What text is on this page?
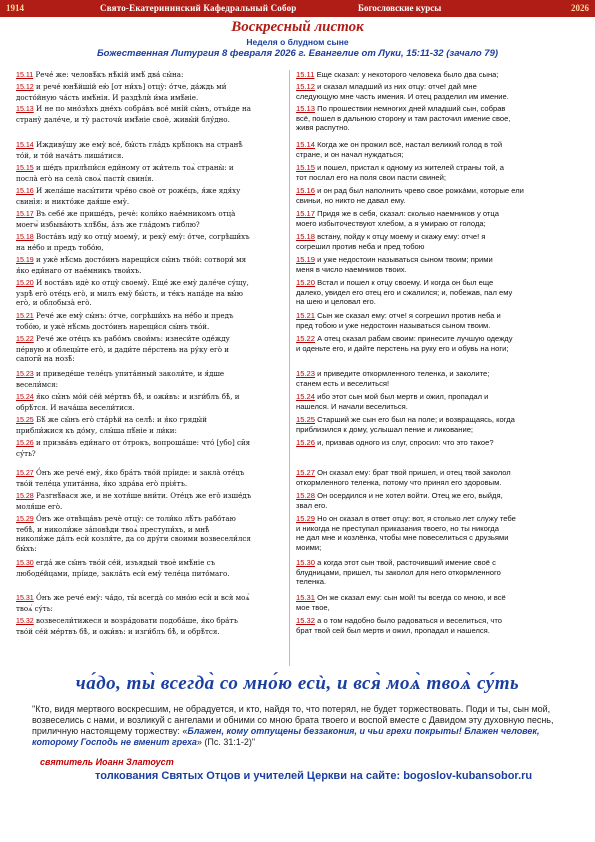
1914	Свято-Екатерининский Кафедральный Собор	Богословские курсы	2026
Воскресный листок
Неделя о блудном сыне
Божественная Литургия 8 февраля 2026 г. Евангелие от Луки, 15:11-32 (зачало 79)
15.11 Рече́ же: человѣ́къ нѣ́кій имѣ́ два́ сы́на:
15.12 и рече́ юнѣ́йшій ею̀ [от ни́хъ] отцу̀: о́тче, да́ждь ми́
досто́йную ча́сть имѣ́нія. И раздѣлѝ и́ма имѣ́ніе.
15.13 И не по мно́зѣхъ дне́хъ собра́въ все́ мнı́й сы́нъ, отъи́де на
страну̀ дале́че, и ту̀ расточѝ имѣ́ніе своѐ, живы́й блу́дно.
15.14 Иждиву́шу же ему̀ все́, бы́сть гла́дъ крѣ́покъ на странѣ̀
то́й, и то́й нача́тъ лиша́тися.
15.15 и ше́дъ прилѣпи́ся еди́ному от жи́тель тоѧ̀ страны̀: и
посла̀ его̀ на села̀ своѧ̀ пастѝ свинı́я.
15.16 И жела́ше насы́тити чре́во своѐ от роже́цъ, я́же ядя́ху
свинı̀я: и никто́же дая́ше ему̀.
15.17 Въ себе́ же прише́дъ, речѐ: коли́ко нае́мникомъ отца̀
моегѡ̀ избыва́ютъ хлѣ́бы, а́зъ же гла́домъ гиблю?
15.18 Воста́въ иду̀ ко отцу̀ моему̀, и реку̀ ему̀: о́тче, согрѣши́хъ
на не́бо и предъ тобо́ю,
15.19 и ужѐ нѣ́смь досто́инъ нарещи́ся сы́нъ твóй: сотвори́ мя
я́ко еди́наго от нае́мникъ твои́хъ.
15.20 И воста́въ идѐ ко отцу̀ своему̀. Еще́ же ему̀ дале́че су́щу,
узрѣ̀ его̀ оте́цъ его̀, и милъ ему̀ бы́сть, и те́къ напа́де на вы́ю
его̀, и облобыза̀ его̀.
15.21 Рече́ же ему̀ сы́нъ: о́тче, согрѣши́хъ на не́бо и предъ
тобо́ю, и ужѐ нѣ́смь досто́инъ нарещи́ся сы́нъ твóй.
15.22 Рече́ же оте́цъ къ рабо́мъ свои́мъ: изнеси́те оде́жду
пе́рвую и облецы́те его̀, и дади́те пе́рстень на ру́ку его̀ и
сапоги̑ на нозѣ̑:
15.23 и приведе́ше теле́цъ упита́нный заколи́те, и я́дше
весели́мся:
15.24 я́ко сы́нъ мо́й се́й ме́ртвъ бѣ̀, и ожи́въ: и изги́блъ бѣ̀, и
обрѣ́тся. И нача́ша весели́тися.
15.25 Бѣ́ же сы́нъ его̀ ста́рѣй на селѣ̀: и я́ко гряды́й
прибли́жися къ до́му, слы́ша пѣ́ніе и ли́ки:
15.26 и призва́въ еди́наго от о́трокъ, вопроша́ше: что́ [убо] си̑я
су́ть?
15.27 О́нъ же рече́ ему̀, я́ко бра́тъ твóй прі́иде: и закла̀ оте́цъ
твóй теле́ца упита́нна, я́ко здра́ва его̀ прія́тъ.
15.28 Разгнѣ́вася же, и не хотя́ше вни́ти. Оте́цъ же его̀ изше́дъ
моля́ше его̀.
15.29 О́нъ же отвѣща́въ речѐ отцу̀: се толи́ко лѣ́тъ рабо́таю
тебѣ̀, и николи́же за́повѣди твоѧ̀ преступи́хъ, и мнѣ̀
николи́же да́лъ есѝ козля́те, да со дру́ги своими возвесели́лся
бы́хъ:
15.30 егда́ же сы́нъ твóй се́й, изъядый твоѐ имѣ́ніе съ
любоде́йцами, прі́иде, закла́ть есѝ ему̀ теле́ца пито́маго.
15.31 О́нъ же рече́ ему̀: ча́до, ты̀ всегда̀ со мно́ю есѝ и вся̀ моѧ̀
твоѧ̀ су́ть:
15.32 возвесели́тижеся и возра́довати подоба́ше, я́ко бра́тъ
твóй се́й ме́ртвъ бѣ̀, и ожи́въ: и изги́блъ бѣ̀, и обрѣ́тся.
15.11 Еще сказал: у некоторого человека было два сына;
15.12 и сказал младший из них отцу: отче! дай мне
следующую мне часть имения. И отец разделил им имение.
15.13 По прошествии немногих дней младший сын, собрав
всё, пошел в дальнюю сторону и там расточил имение свое,
живя распутно.
15.14 Когда же он прожил всё, настал великий голод в той
стране, и он начал нуждаться;
15.15 и пошел, пристал к одному из жителей страны той, а
тот послал его на поля свои пасти свиней;
15.16 и он рад был наполнить чрево свое рожка́ми, которые ели
свиньи, но никто не давал ему.
15.17 Придя же в себя, сказал: сколько наемников у отца
моего избыточествуют хлебом, а я умираю от голода;
15.18 встану, пойду к отцу моему и скажу ему: отче! я
согрешил против неба и пред тобою
15.19 и уже недостоин называться сыном твоим; прими
меня в число наемников твоих.
15.20 Встал и пошел к отцу своему. И когда он был еще
далеко, увидел его отец его и сжалился; и, побежав, пал ему
на шею и целовал его.
15.21 Сын же сказал ему: отче! я согрешил против неба и
пред тобою и уже недостоин называться сыном твоим.
15.22 А отец сказал рабам своим: принесите лучшую одежду
и оденьте его, и дайте перстень на руку его и обувь на ноги;
15.23 и приведите откормленного теленка, и заколите;
станем есть и веселиться!
15.24 ибо этот сын мой был мертв и ожил, пропадал и
нашелся. И начали веселиться.
15.25 Старший же сын его был на поле; и возвращаясь, когда
приблизился к дому, услышал пение и ликование;
15.26 и, призвав одного из слуг, спросил: что это такое?
15.27 Он сказал ему: брат твой пришел, и отец твой заколол
откормленного теленка, потому что принял его здоровым.
15.28 Он осердился и не хотел войти. Отец же его, выйдя,
звал его.
15.29 Но он сказал в ответ отцу: вот, я столько лет служу тебе
и никогда не преступал приказания твоего, но ты никогда
не дал мне и козлёнка, чтобы мне повеселиться с друзьями
моими;
15.30 а когда этот сын твой, расточивший имение своё с
блудницами, пришел, ты заколол для него откормленного
теленка.
15.31 Он же сказал ему: сын мой! ты всегда со мною, и всё
мое твое,
15.32 а о том надобно было радоваться и веселиться, что
брат твой сей был мертв и ожил, пропадал и нашелся.
ча́до, ты̀ всегда̀ со мно́ю есѝ, и вся̀ моѧ̀ твоѧ̀ су́ть
"Кто, видя мертвого воскресшим, не обрадуется, и кто, найдя то, что потерял, не будет торжествовать. Поди и ты, сын мой, возвеселись с нами, и возликуй с ангелами и обними со мною брата твоего и воспой вместе с Давидом эту духовную песнь, приличную настоящему торжеству: «Блажен, кому отпущены беззакония, и чьи грехи покрыты! Блажен человек, которому Господь не вменит греха» (Пс. 31:1-2)"
святитель Иоанн Златоуст
толкования Святых Отцов и учителей Церкви на сайте: bogoslov-kubansobor.ru
